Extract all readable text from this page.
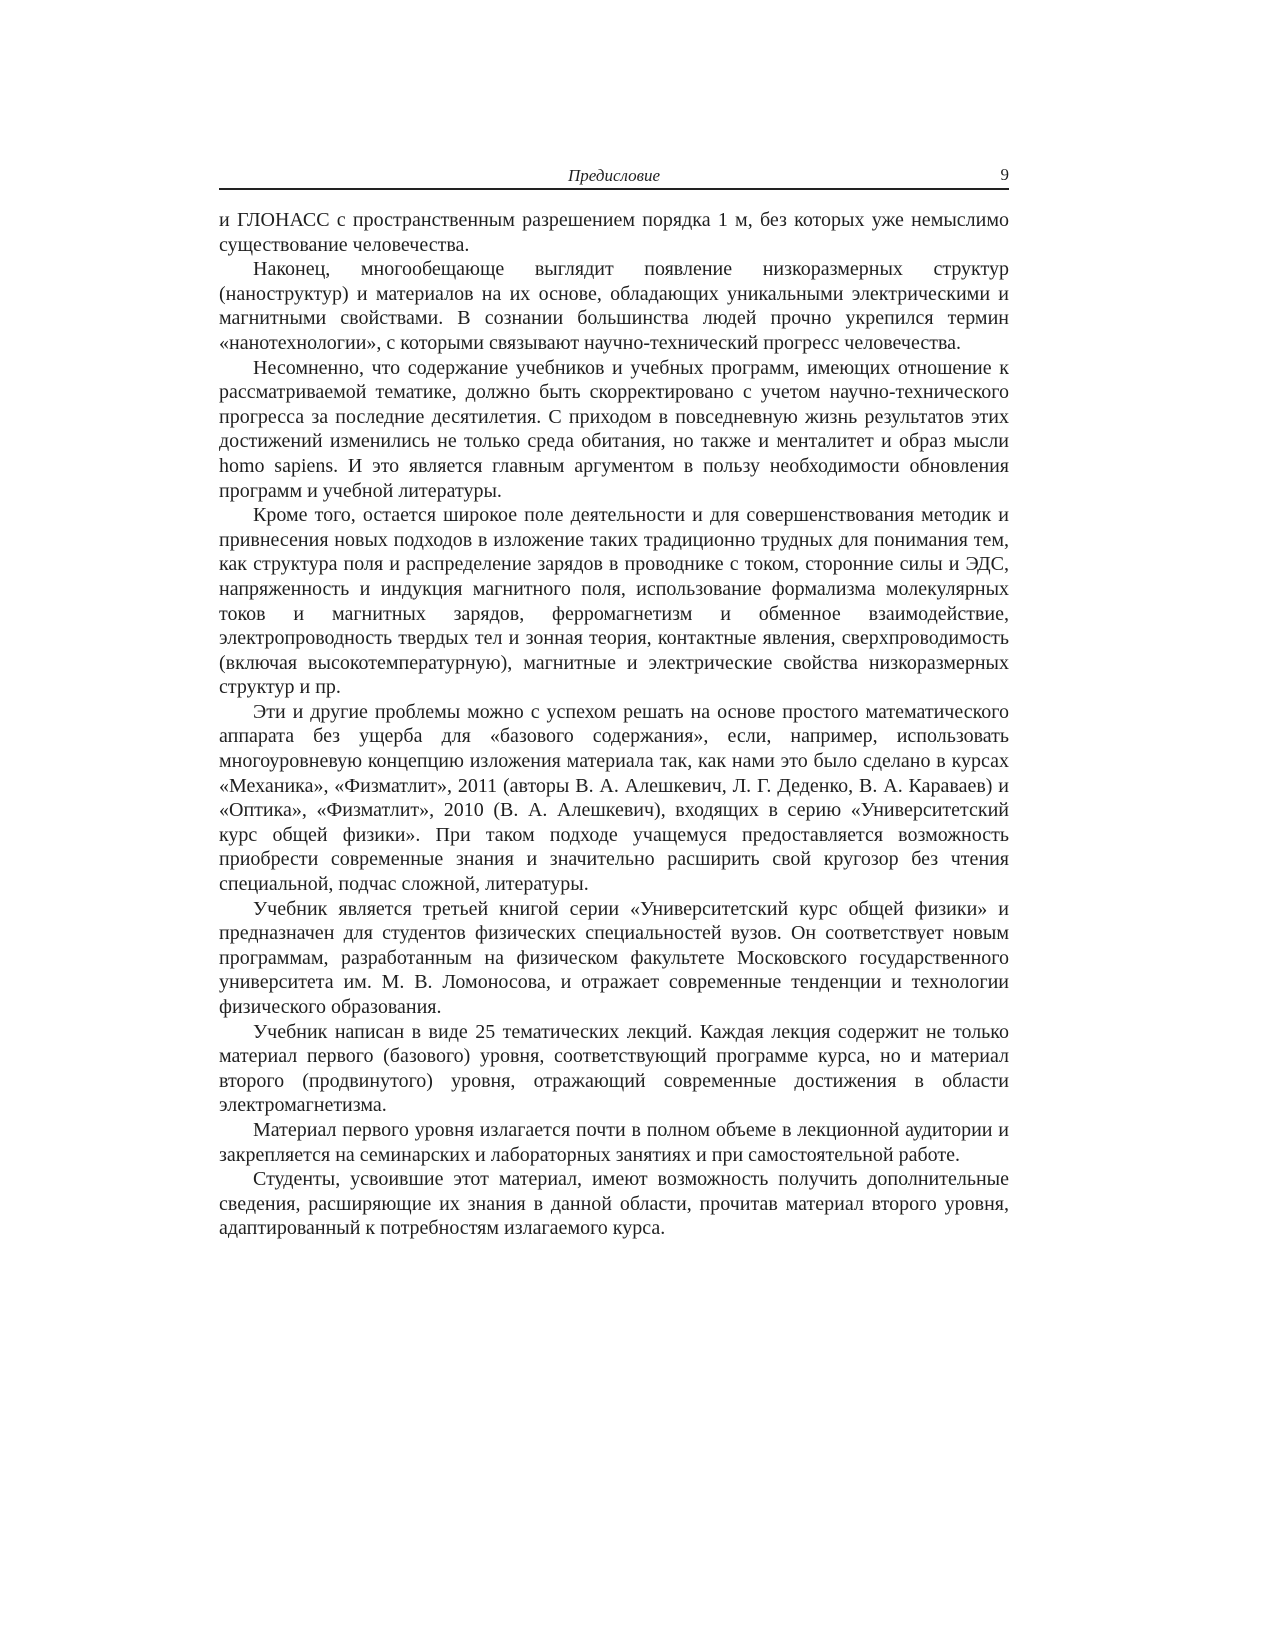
Предисловие	9

и ГЛОНАСС с пространственным разрешением порядка 1 м, без которых уже немыслимо существование человечества.

Наконец, многообещающе выглядит появление низкоразмерных структур (наноструктур) и материалов на их основе, обладающих уникальными электрическими и магнитными свойствами. В сознании большинства людей прочно укрепился термин «нанотехнологии», с которыми связывают научно-технический прогресс человечества.

Несомненно, что содержание учебников и учебных программ, имеющих отношение к рассматриваемой тематике, должно быть скорректировано с учетом научно-технического прогресса за последние десятилетия. С приходом в повседневную жизнь результатов этих достижений изменились не только среда обитания, но также и менталитет и образ мысли homo sapiens. И это является главным аргументом в пользу необходимости обновления программ и учебной литературы.

Кроме того, остается широкое поле деятельности и для совершенствования методик и привнесения новых подходов в изложение таких традиционно трудных для понимания тем, как структура поля и распределение зарядов в проводнике с током, сторонние силы и ЭДС, напряженность и индукция магнитного поля, использование формализма молекулярных токов и магнитных зарядов, ферромагнетизм и обменное взаимодействие, электропроводность твердых тел и зонная теория, контактные явления, сверхпроводимость (включая высокотемпературную), магнитные и электрические свойства низкоразмерных структур и пр.

Эти и другие проблемы можно с успехом решать на основе простого математического аппарата без ущерба для «базового содержания», если, например, использовать многоуровневую концепцию изложения материала так, как нами это было сделано в курсах «Механика», «Физматлит», 2011 (авторы В. А. Алешкевич, Л. Г. Деденко, В. А. Караваев) и «Оптика», «Физматлит», 2010 (В. А. Алешкевич), входящих в серию «Университетский курс общей физики». При таком подходе учащемуся предоставляется возможность приобрести современные знания и значительно расширить свой кругозор без чтения специальной, подчас сложной, литературы.

Учебник является третьей книгой серии «Университетский курс общей физики» и предназначен для студентов физических специальностей вузов. Он соответствует новым программам, разработанным на физическом факультете Московского государственного университета им. М. В. Ломоносова, и отражает современные тенденции и технологии физического образования.

Учебник написан в виде 25 тематических лекций. Каждая лекция содержит не только материал первого (базового) уровня, соответствующий программе курса, но и материал второго (продвинутого) уровня, отражающий современные достижения в области электромагнетизма.

Материал первого уровня излагается почти в полном объеме в лекционной аудитории и закрепляется на семинарских и лабораторных занятиях и при самостоятельной работе.

Студенты, усвоившие этот материал, имеют возможность получить дополнительные сведения, расширяющие их знания в данной области, прочитав материал второго уровня, адаптированный к потребностям излагаемого курса.
